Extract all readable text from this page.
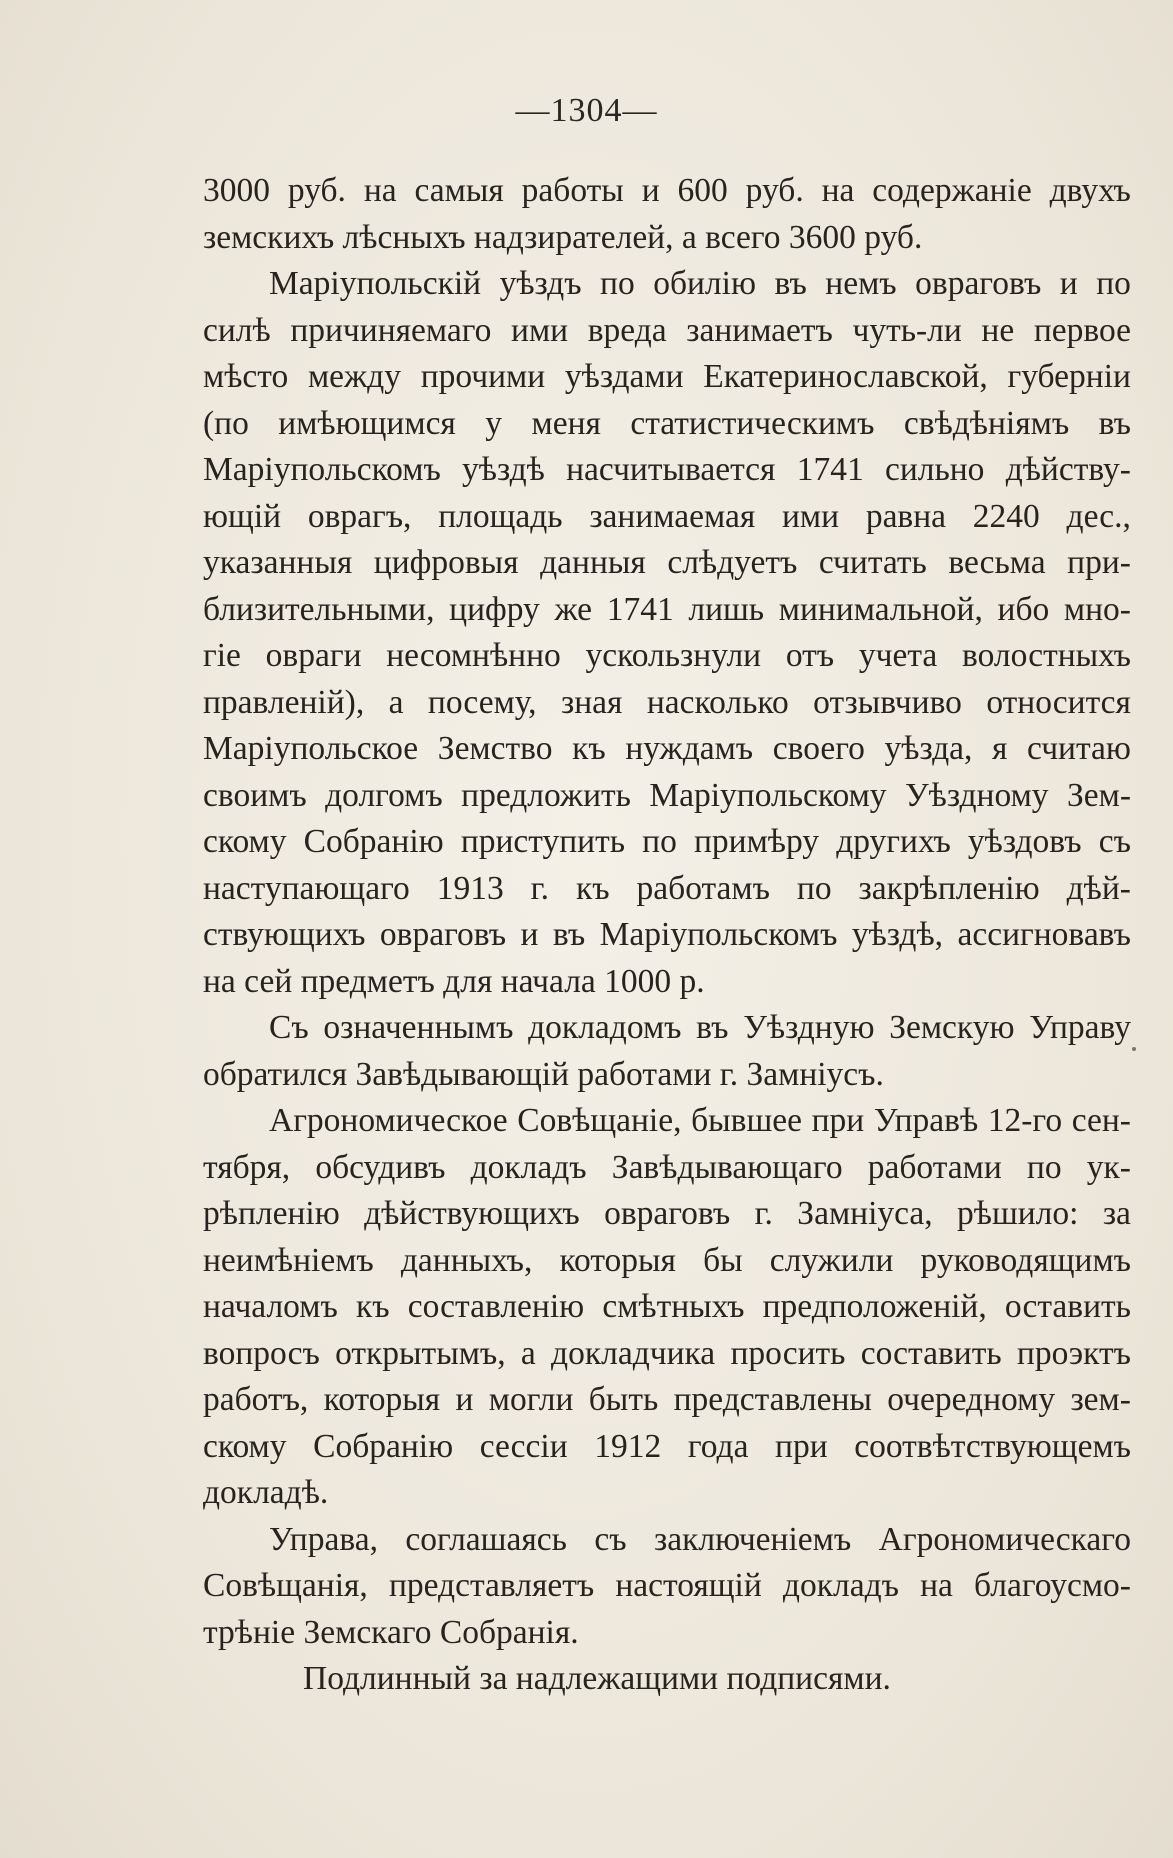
—1304—
3000 руб. на самыя работы и 600 руб. на содержаніе двухъ
земскихъ лѣсныхъ надзирателей, а всего 3600 руб.
Маріупольскій уѣздъ по обилію въ немъ овраговъ и по
силѣ причиняемаго ими вреда занимаетъ чуть-ли не первое
мѣсто между прочими уѣздами Екатеринославской, губерніи
(по имѣющимся у меня статистическимъ свѣдѣніямъ въ
Маріупольскомъ уѣздѣ насчитывается 1741 сильно дѣйству-
ющій оврагъ, площадь занимаемая ими равна 2240 дес.,
указанныя цифровыя данныя слѣдуетъ считать весьма при-
близительными, цифру же 1741 лишь минимальной, ибо мно-
гіе овраги несомнѣнно ускользнули отъ учета волостныхъ
правленій), а посему, зная насколько отзывчиво относится
Маріупольское Земство къ нуждамъ своего уѣзда, я считаю
своимъ долгомъ предложить Маріупольскому Уѣздному Зем-
скому Собранію приступить по примѣру другихъ уѣздовъ съ
наступающаго 1913 г. къ работамъ по закрѣпленію дѣй-
ствующихъ овраговъ и въ Маріупольскомъ уѣздѣ, ассигновавъ
на сей предметъ для начала 1000 р.
Съ означеннымъ докладомъ въ Уѣздную Земскую Управу
обратился Завѣдывающій работами г. Замніусъ.
Агрономическое Совѣщаніе, бывшее при Управѣ 12-го сен-
тября, обсудивъ докладъ Завѣдывающаго работами по ук-
рѣпленію дѣйствующихъ овраговъ г. Замніуса, рѣшило: за
неимѣніемъ данныхъ, которыя бы служили руководящимъ
началомъ къ составленію смѣтныхъ предположеній, оставить
вопросъ открытымъ, а докладчика просить составить проэктъ
работъ, которыя и могли быть представлены очередному зем-
скому Собранію сессіи 1912 года при соотвѣтствующемъ
докладѣ.
Управа, соглашаясь съ заключеніемъ Агрономическаго
Совѣщанія, представляетъ настоящій докладъ на благоусмо-
трѣніе Земскаго Собранія.
Подлинный за надлежащими подписями.
